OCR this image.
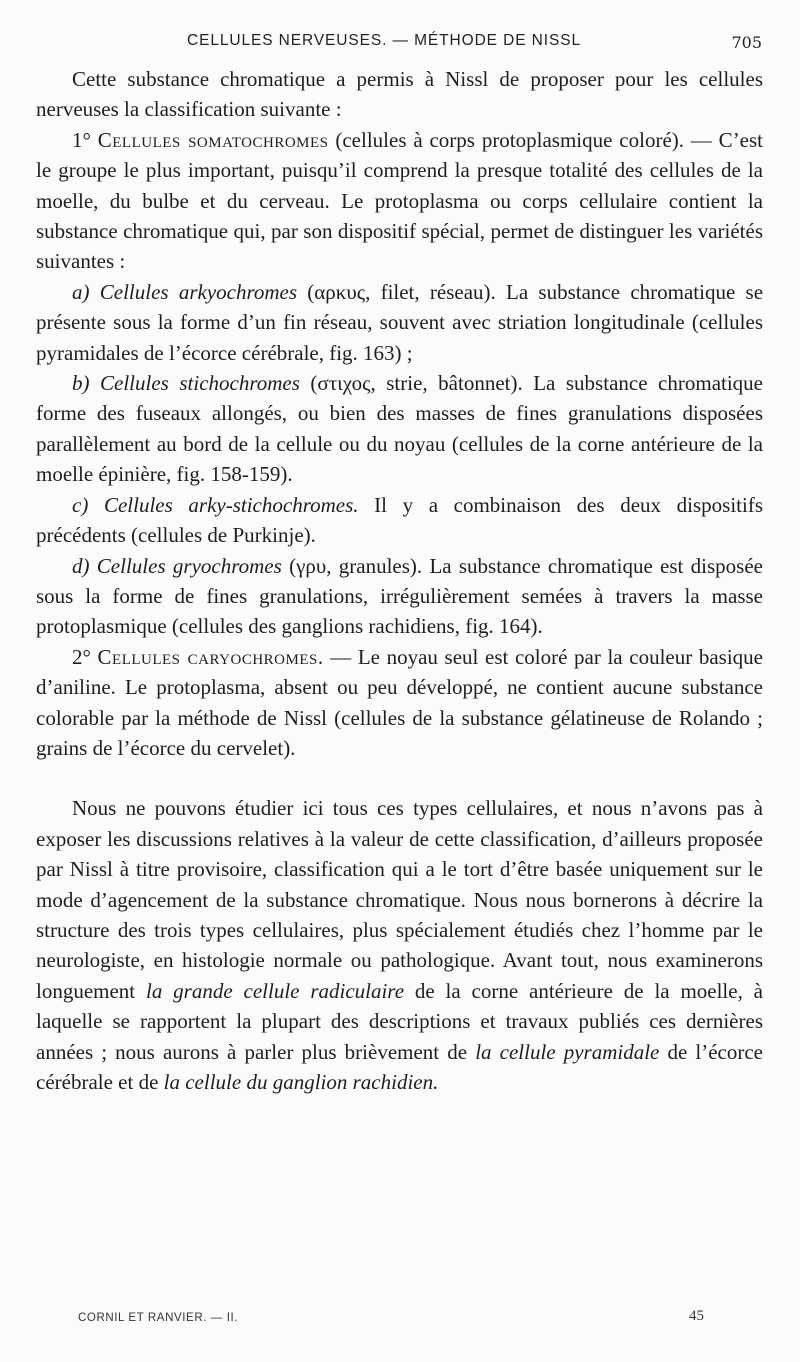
CELLULES NERVEUSES. — MÉTHODE DE NISSL	705

Cette substance chromatique a permis à Nissl de proposer pour les cellules nerveuses la classification suivante :

1° Cellules somatochromes (cellules à corps protoplasmique coloré). — C’est le groupe le plus important, puisqu’il comprend la presque totalité des cellules de la moelle, du bulbe et du cerveau. Le protoplasma ou corps cellulaire contient la substance chromatique qui, par son dispositif spécial, permet de distinguer les variétés suivantes :

a) Cellules arkyochromes (αρκυς, filet, réseau). La substance chromatique se présente sous la forme d’un fin réseau, souvent avec striation longitudinale (cellules pyramidales de l’écorce cérébrale, fig. 163) ;

b) Cellules stichochromes (στιχος, strie, bâtonnet). La substance chromatique forme des fuseaux allongés, ou bien des masses de fines granulations disposées parallèlement au bord de la cellule ou du noyau (cellules de la corne antérieure de la moelle épinière, fig. 158-159).

c) Cellules arky-stichochromes. Il y a combinaison des deux dispositifs précédents (cellules de Purkinje).

d) Cellules gryochromes (γρυ, granules). La substance chromatique est disposée sous la forme de fines granulations, irrégulièrement semées à travers la masse protoplasmique (cellules des ganglions rachidiens, fig. 164).

2° Cellules caryochromes. — Le noyau seul est coloré par la couleur basique d’aniline. Le protoplasma, absent ou peu développé, ne contient aucune substance colorable par la méthode de Nissl (cellules de la substance gélatineuse de Rolando ; grains de l’écorce du cervelet).

Nous ne pouvons étudier ici tous ces types cellulaires, et nous n’avons pas à exposer les discussions relatives à la valeur de cette classification, d’ailleurs proposée par Nissl à titre provisoire, classification qui a le tort d’être basée uniquement sur le mode d’agencement de la substance chromatique. Nous nous bornerons à décrire la structure des trois types cellulaires, plus spécialement étudiés chez l’homme par le neurologiste, en histologie normale ou pathologique. Avant tout, nous examinerons longuement la grande cellule radiculaire de la corne antérieure de la moelle, à laquelle se rapportent la plupart des descriptions et travaux publiés ces dernières années ; nous aurons à parler plus brièvement de la cellule pyramidale de l’écorce cérébrale et de la cellule du ganglion rachidien.

CORNIL ET RANVIER. — II.	45
